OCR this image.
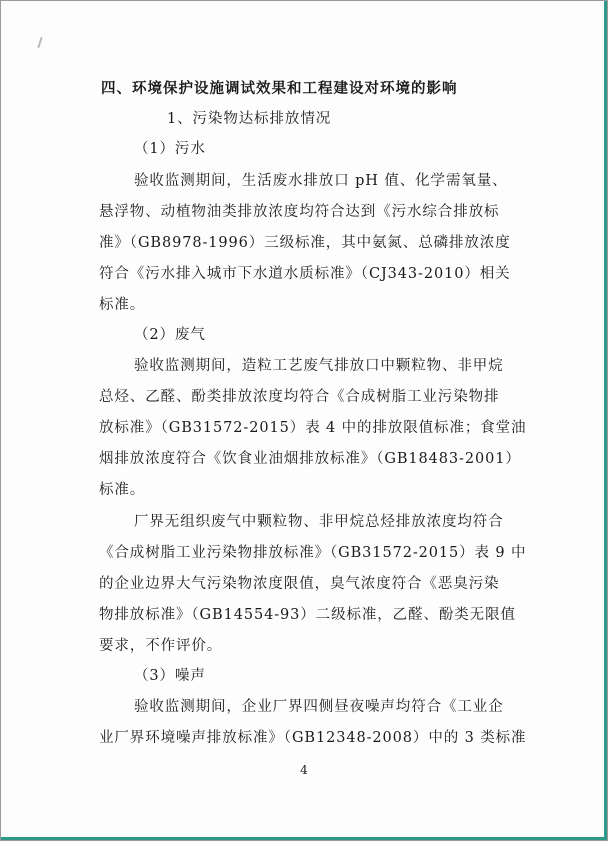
四、环境保护设施调试效果和工程建设对环境的影响
1、污染物达标排放情况
（1）污水
验收监测期间，生活废水排放口 pH 值、化学需氧量、
悬浮物、动植物油类排放浓度均符合达到《污水综合排放标
准》（GB8978-1996）三级标准，其中氨氮、总磷排放浓度
符合《污水排入城市下水道水质标准》（CJ343-2010）相关
标准。
（2）废气
验收监测期间，造粒工艺废气排放口中颗粒物、非甲烷
总烃、乙醛、酚类排放浓度均符合《合成树脂工业污染物排
放标准》（GB31572-2015）表 4 中的排放限值标准；食堂油
烟排放浓度符合《饮食业油烟排放标准》（GB18483-2001）
标准。
厂界无组织废气中颗粒物、非甲烷总烃排放浓度均符合
《合成树脂工业污染物排放标准》（GB31572-2015）表 9 中
的企业边界大气污染物浓度限值，臭气浓度符合《恶臭污染
物排放标准》（GB14554-93）二级标准，乙醛、酚类无限值
要求，不作评价。
（3）噪声
验收监测期间，企业厂界四侧昼夜噪声均符合《工业企
业厂界环境噪声排放标准》（GB12348-2008）中的 3 类标准
4
